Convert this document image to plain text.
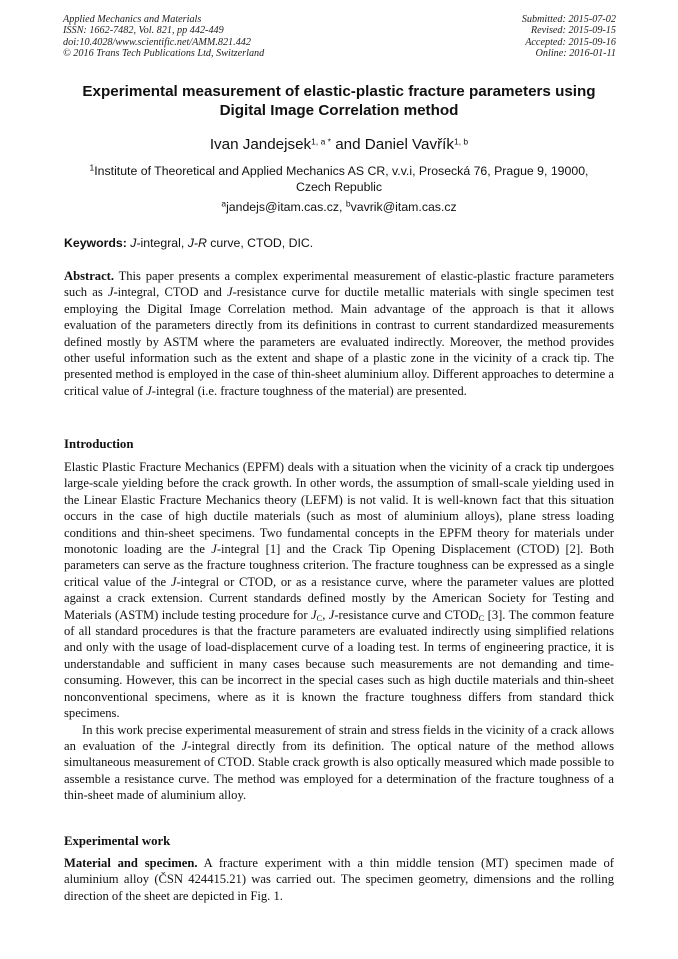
Applied Mechanics and Materials
ISSN: 1662-7482, Vol. 821, pp 442-449
doi:10.4028/www.scientific.net/AMM.821.442
© 2016 Trans Tech Publications Ltd, Switzerland
Submitted: 2015-07-02
Revised: 2015-09-15
Accepted: 2015-09-16
Online: 2016-01-11
Experimental measurement of elastic-plastic fracture parameters using
Digital Image Correlation method
Ivan Jandejsek$^{1, a *}$ and Daniel Vavřík$^{1, b}$
$^1$Institute of Theoretical and Applied Mechanics AS CR, v.v.i, Prosecká 76, Prague 9, 19000,
Czech Republic
$^a$jandejs@itam.cas.cz, $^b$vavrik@itam.cas.cz
Keywords: J-integral, J-R curve, CTOD, DIC.

Abstract. This paper presents a complex experimental measurement of elastic-plastic fracture parameters such as J-integral, CTOD and J-resistance curve for ductile metallic materials with single specimen test employing the Digital Image Correlation method. Main advantage of the approach is that it allows evaluation of the parameters directly from its definitions in contrast to current standardized measurements defined mostly by ASTM where the parameters are evaluated indirectly. Moreover, the method provides other useful information such as the extent and shape of a plastic zone in the vicinity of a crack tip. The presented method is employed in the case of thin-sheet aluminium alloy. Different approaches to determine a critical value of J-integral (i.e. fracture toughness of the material) are presented.

Introduction

Elastic Plastic Fracture Mechanics (EPFM) deals with a situation when the vicinity of a crack tip undergoes large-scale yielding before the crack growth. In other words, the assumption of small-scale yielding used in the Linear Elastic Fracture Mechanics theory (LEFM) is not valid. It is well-known fact that this situation occurs in the case of high ductile materials (such as most of aluminium alloys), plane stress loading conditions and thin-sheet specimens. Two fundamental concepts in the EPFM theory for materials under monotonic loading are the J-integral [1] and the Crack Tip Opening Displacement (CTOD) [2]. Both parameters can serve as the fracture toughness criterion. The fracture toughness can be expressed as a single critical value of the J-integral or CTOD, or as a resistance curve, where the parameter values are plotted against a crack extension. Current standards defined mostly by the American Society for Testing and Materials (ASTM) include testing procedure for $J_C$, J-resistance curve and $CTOD_C$ [3]. The common feature of all standard procedures is that the fracture parameters are evaluated indirectly using simplified relations and only with the usage of load-displacement curve of a loading test. In terms of engineering practice, it is understandable and sufficient in many cases because such measurements are not demanding and time-consuming. However, this can be incorrect in the special cases such as high ductile materials and thin-sheet nonconventional specimens, where as it is known the fracture toughness differs from standard thick specimens.

In this work precise experimental measurement of strain and stress fields in the vicinity of a crack allows an evaluation of the J-integral directly from its definition. The optical nature of the method allows simultaneous measurement of CTOD. Stable crack growth is also optically measured which made possible to assemble a resistance curve. The method was employed for a determination of the fracture toughness of a thin-sheet made of aluminium alloy.

Experimental work

Material and specimen. A fracture experiment with a thin middle tension (MT) specimen made of aluminium alloy (ČSN 424415.21) was carried out. The specimen geometry, dimensions and the rolling direction of the sheet are depicted in Fig. 1.
